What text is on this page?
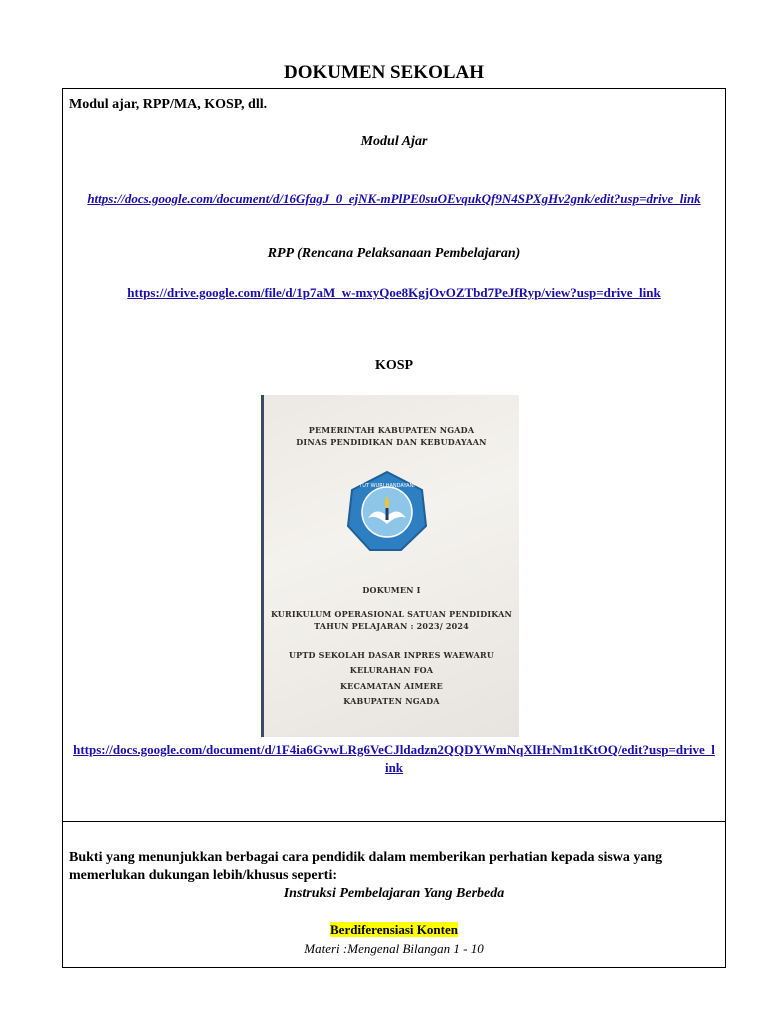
DOKUMEN SEKOLAH
Modul ajar, RPP/MA, KOSP, dll.
Modul Ajar
https://docs.google.com/document/d/16GfagJ_0_ejNK-mPlPE0suOEvqukQf9N4SPXgHv2gnk/edit?usp=drive_link
RPP (Rencana Pelaksanaan Pembelajaran)
https://drive.google.com/file/d/1p7aM_w-mxyQoe8KgjOvOZTbd7PeJfRyp/view?usp=drive_link
KOSP
PEMERINTAH KABUPATEN NGADA
DINAS PENDIDIKAN DAN KEBUDAYAAN
TUT WURI HANDAYANI
DOKUMEN I
KURIKULUM OPERASIONAL SATUAN PENDIDIKAN
TAHUN PELAJARAN : 2023/ 2024
UPTD SEKOLAH DASAR INPRES WAEWARU
KELURAHAN FOA
KECAMATAN AIMERE
KABUPATEN NGADA
https://docs.google.com/document/d/1F4ia6GvwLRg6VeCJldadzn2QQDYWmNqXlHrNm1tKtOQ/edit?usp=drive_link
Bukti yang menunjukkan berbagai cara pendidik dalam memberikan perhatian kepada siswa yang memerlukan dukungan lebih/khusus seperti:
Instruksi Pembelajaran Yang Berbeda
Berdiferensiasi Konten
Materi :Mengenal Bilangan 1 - 10
